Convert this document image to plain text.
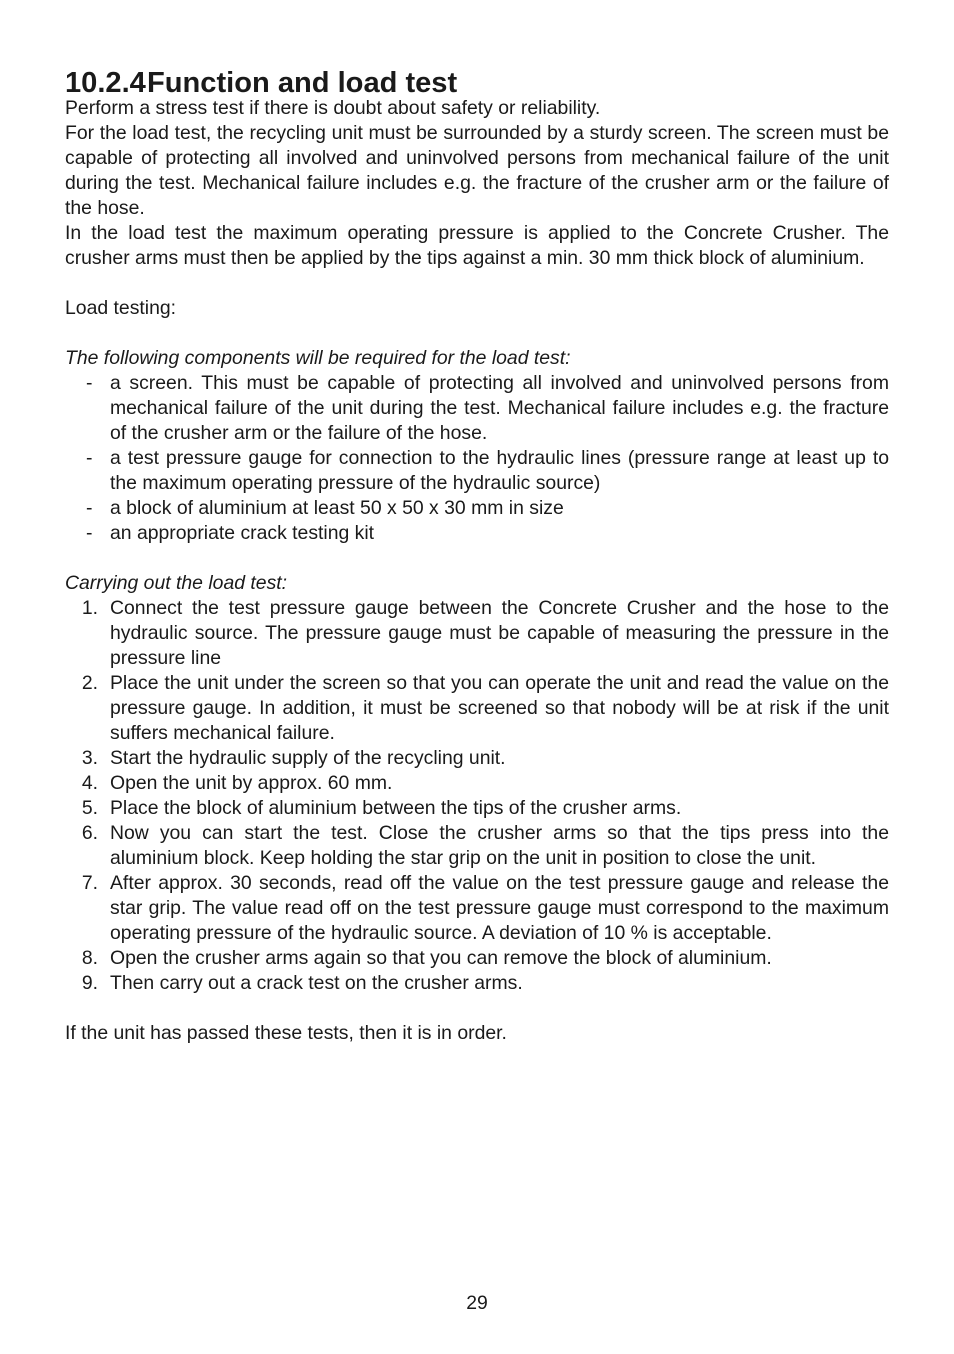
10.2.4Function and load test

Perform a stress test if there is doubt about safety or reliability.

For the load test, the recycling unit must be surrounded by a sturdy screen. The screen must be capable of protecting all involved and uninvolved persons from mechanical failure of the unit during the test. Mechanical failure includes e.g. the fracture of the crusher arm or the failure of the hose.

In the load test the maximum operating pressure is applied to the Concrete Crusher. The crusher arms must then be applied by the tips against a min. 30 mm thick block of aluminium.

Load testing:

The following components will be required for the load test:

- a screen. This must be capable of protecting all involved and uninvolved persons from mechanical failure of the unit during the test. Mechanical failure includes e.g. the fracture of the crusher arm or the failure of the hose.
- a test pressure gauge for connection to the hydraulic lines (pressure range at least up to the maximum operating pressure of the hydraulic source)
- a block of aluminium at least 50 x 50 x 30 mm in size
- an appropriate crack testing kit

Carrying out the load test:

1. Connect the test pressure gauge between the Concrete Crusher and the hose to the hydraulic source. The pressure gauge must be capable of measuring the pressure in the pressure line
2. Place the unit under the screen so that you can operate the unit and read the value on the pressure gauge. In addition, it must be screened so that nobody will be at risk if the unit suffers mechanical failure.
3. Start the hydraulic supply of the recycling unit.
4. Open the unit by approx. 60 mm.
5. Place the block of aluminium between the tips of the crusher arms.
6. Now you can start the test. Close the crusher arms so that the tips press into the aluminium block. Keep holding the star grip on the unit in position to close the unit.
7. After approx. 30 seconds, read off the value on the test pressure gauge and release the star grip. The value read off on the test pressure gauge must correspond to the maximum operating pressure of the hydraulic source. A deviation of 10 % is acceptable.
8. Open the crusher arms again so that you can remove the block of aluminium.
9. Then carry out a crack test on the crusher arms.

If the unit has passed these tests, then it is in order.

29
